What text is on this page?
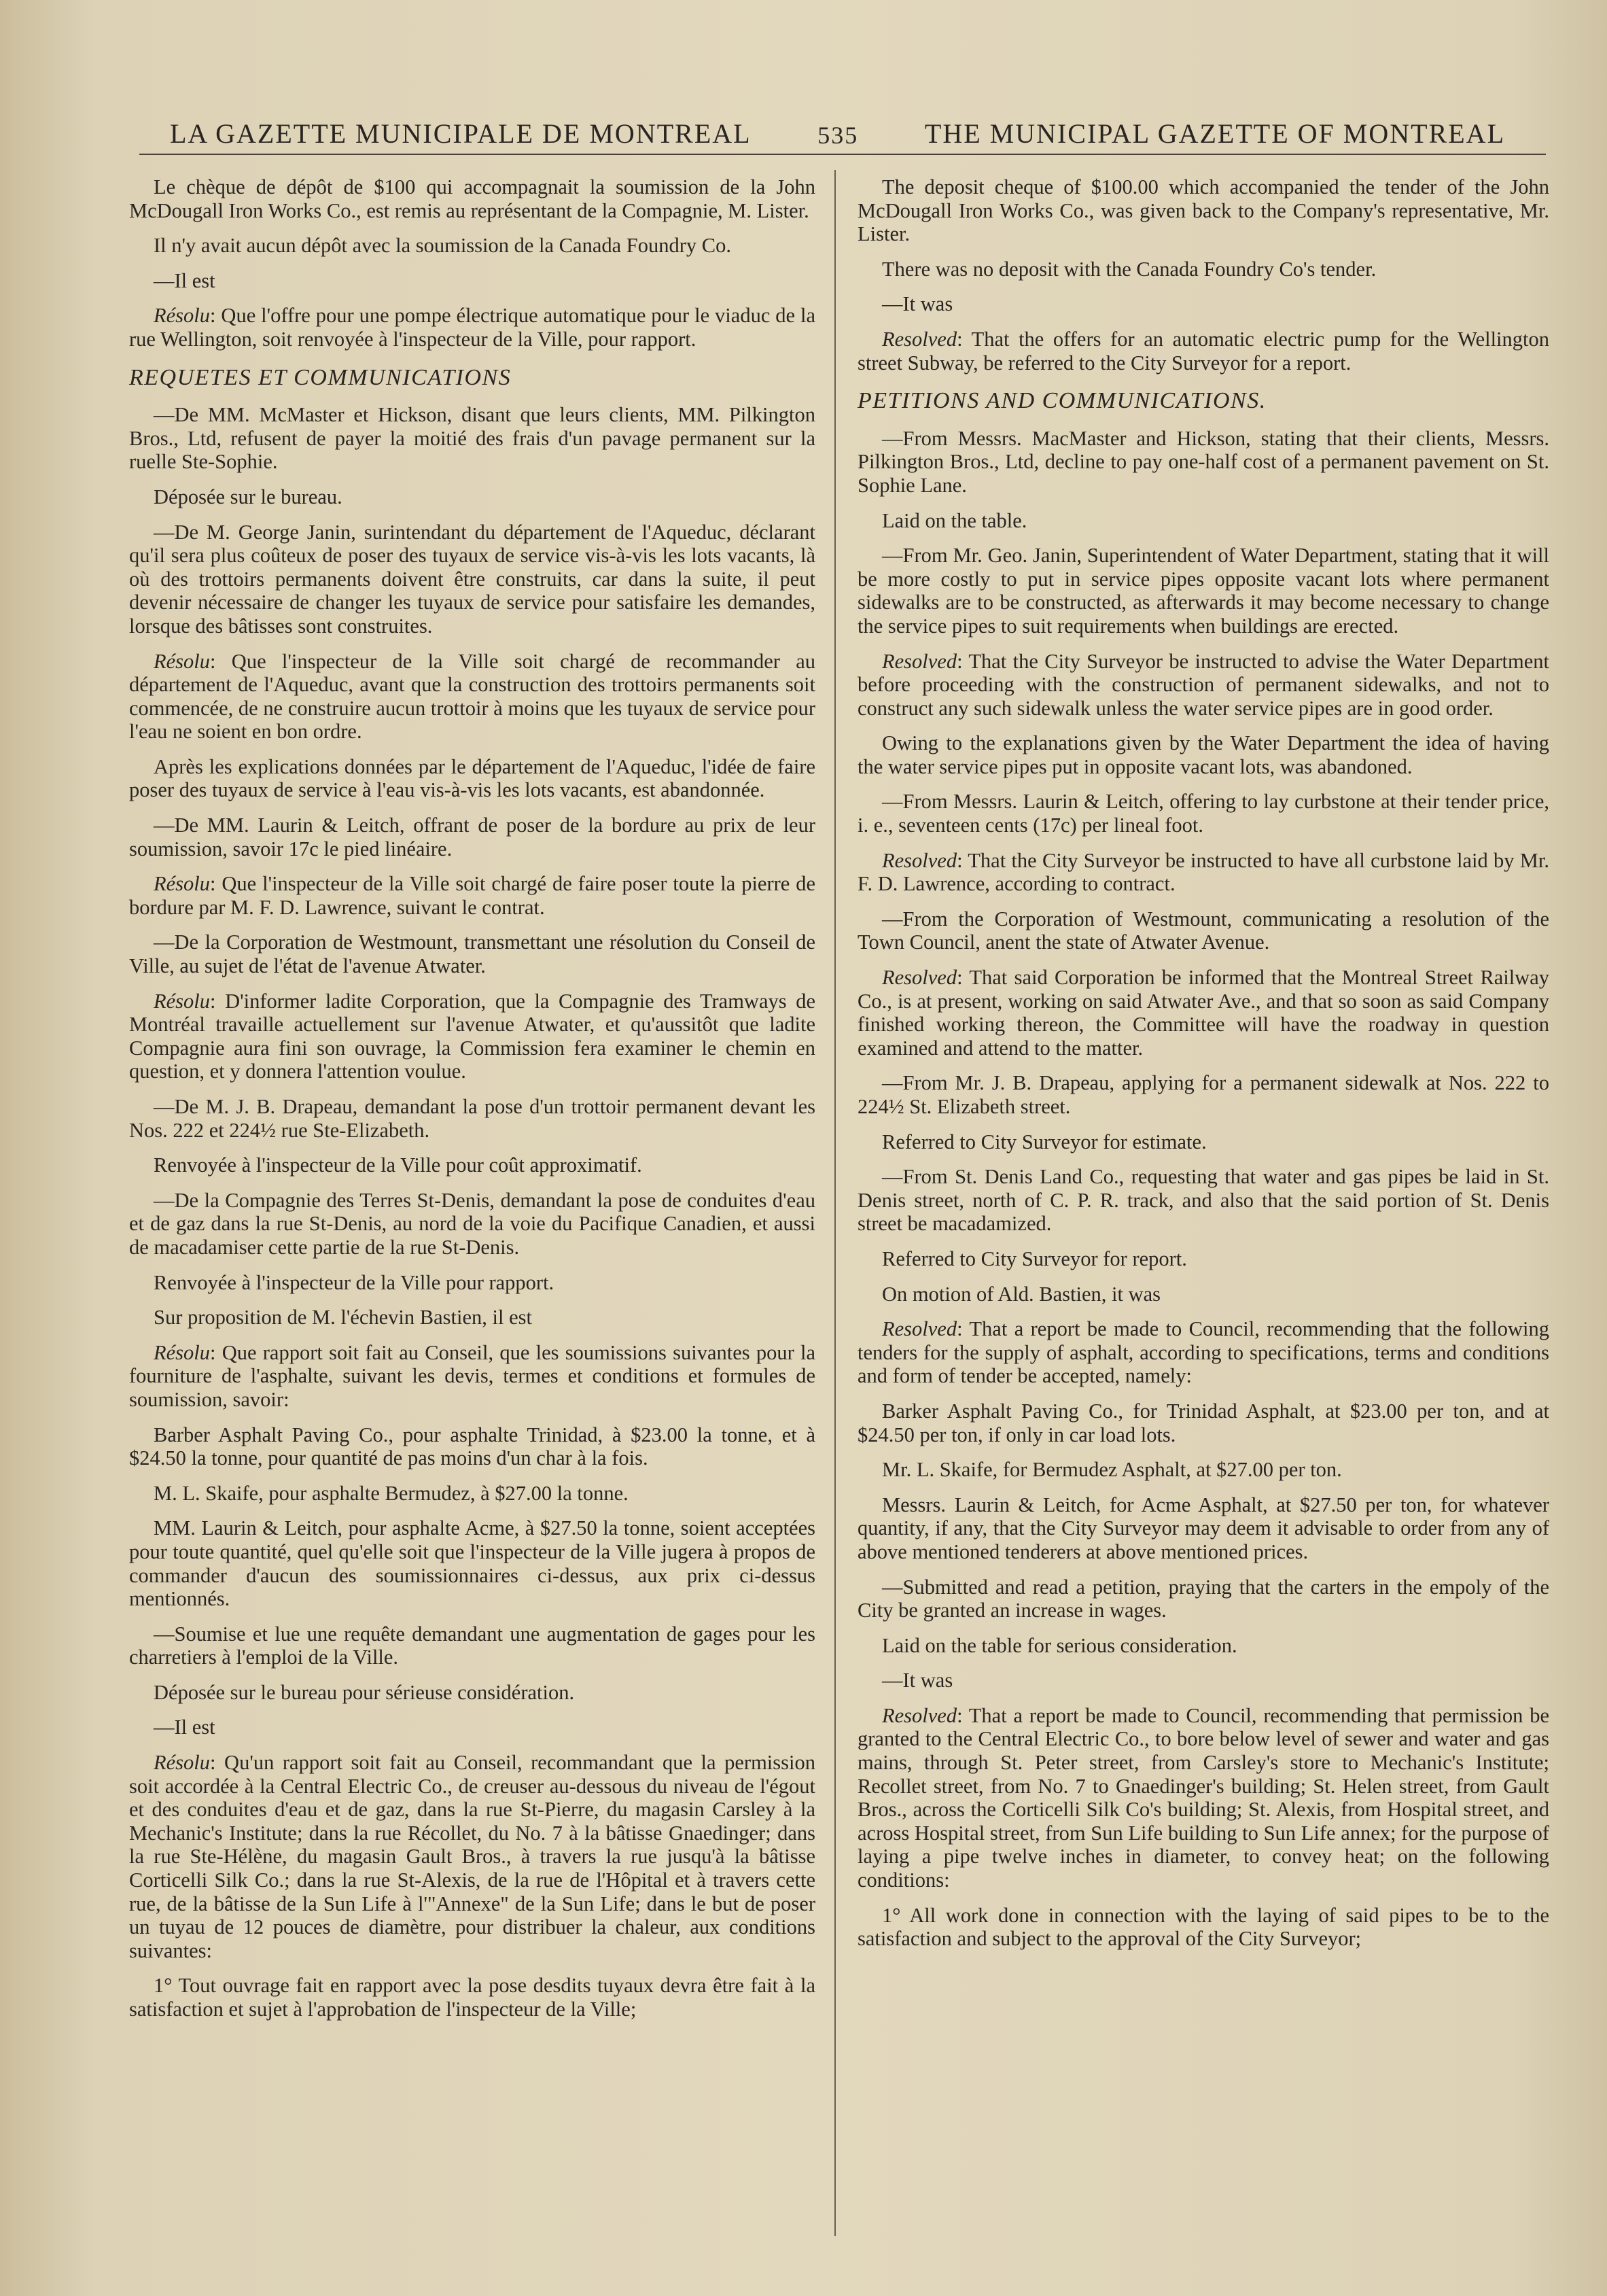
LA GAZETTE MUNICIPALE DE MONTREAL	535 THE MUNICIPAL GAZETTE OF MONTREAL

Le chèque de dépôt de $100 qui accompagnait la soumission de la John McDougall Iron Works Co., est remis au représentant de la Compagnie, M. Lister.

Il n'y avait aucun dépôt avec la soumission de la Canada Foundry Co.

—Il est

Résolu: Que l'offre pour une pompe électrique automatique pour le viaduc de la rue Wellington, soit renvoyée à l'inspecteur de la Ville, pour rapport.

REQUETES ET COMMUNICATIONS

—De MM. McMaster et Hickson, disant que leurs clients, MM. Pilkington Bros., Ltd, refusent de payer la moitié des frais d'un pavage permanent sur la ruelle Ste-Sophie.

Déposée sur le bureau.

—De M. George Janin, surintendant du département de l'Aqueduc, déclarant qu'il sera plus coûteux de poser des tuyaux de service vis-à-vis les lots vacants, là où des trottoirs permanents doivent être construits, car dans la suite, il peut devenir nécessaire de changer les tuyaux de service pour satisfaire les demandes, lorsque des bâtisses sont construites.

Résolu: Que l'inspecteur de la Ville soit chargé de recommander au département de l'Aqueduc, avant que la construction des trottoirs permanents soit commencée, de ne construire aucun trottoir à moins que les tuyaux de service pour l'eau ne soient en bon ordre.

Après les explications données par le département de l'Aqueduc, l'idée de faire poser des tuyaux de service à l'eau vis-à-vis les lots vacants, est abandonnée.

—De MM. Laurin & Leitch, offrant de poser de la bordure au prix de leur soumission, savoir 17c le pied linéaire.

Résolu: Que l'inspecteur de la Ville soit chargé de faire poser toute la pierre de bordure par M. F. D. Lawrence, suivant le contrat.

—De la Corporation de Westmount, transmettant une résolution du Conseil de Ville, au sujet de l'état de l'avenue Atwater.

Résolu: D'informer ladite Corporation, que la Compagnie des Tramways de Montréal travaille actuellement sur l'avenue Atwater, et qu'aussitôt que ladite Compagnie aura fini son ouvrage, la Commission fera examiner le chemin en question, et y donnera l'attention voulue.

—De M. J. B. Drapeau, demandant la pose d'un trottoir permanent devant les Nos. 222 et 224½ rue Ste-Elizabeth.

Renvoyée à l'inspecteur de la Ville pour coût approximatif.

—De la Compagnie des Terres St-Denis, demandant la pose de conduites d'eau et de gaz dans la rue St-Denis, au nord de la voie du Pacifique Canadien, et aussi de macadamiser cette partie de la rue St-Denis.

Renvoyée à l'inspecteur de la Ville pour rapport.

Sur proposition de M. l'échevin Bastien, il est

Résolu: Que rapport soit fait au Conseil, que les soumissions suivantes pour la fourniture de l'asphalte, suivant les devis, termes et conditions et formules de soumission, savoir:

Barber Asphalt Paving Co., pour asphalte Trinidad, à $23.00 la tonne, et à $24.50 la tonne, pour quantité de pas moins d'un char à la fois.

M. L. Skaife, pour asphalte Bermudez, à $27.00 la tonne.

MM. Laurin & Leitch, pour asphalte Acme, à $27.50 la tonne, soient acceptées pour toute quantité, quel qu'elle soit que l'inspecteur de la Ville jugera à propos de commander d'aucun des soumissionnaires ci-dessus, aux prix ci-dessus mentionnés.

—Soumise et lue une requête demandant une augmentation de gages pour les charretiers à l'emploi de la Ville.

Déposée sur le bureau pour sérieuse considération.

—Il est

Résolu: Qu'un rapport soit fait au Conseil, recommandant que la permission soit accordée à la Central Electric Co., de creuser au-dessous du niveau de l'égout et des conduites d'eau et de gaz, dans la rue St-Pierre, du magasin Carsley à la Mechanic's Institute; dans la rue Récollet, du No. 7 à la bâtisse Gnaedinger; dans la rue Ste-Hélène, du magasin Gault Bros., à travers la rue jusqu'à la bâtisse Corticelli Silk Co.; dans la rue St-Alexis, de la rue de l'Hôpital et à travers cette rue, de la bâtisse de la Sun Life à l'"Annexe" de la Sun Life; dans le but de poser un tuyau de 12 pouces de diamètre, pour distribuer la chaleur, aux conditions suivantes:

1° Tout ouvrage fait en rapport avec la pose desdits tuyaux devra être fait à la satisfaction et sujet à l'approbation de l'inspecteur de la Ville;

The deposit cheque of $100.00 which accompanied the tender of the John McDougall Iron Works Co., was given back to the Company's representative, Mr. Lister.

There was no deposit with the Canada Foundry Co's tender.

—It was

Resolved: That the offers for an automatic electric pump for the Wellington street Subway, be referred to the City Surveyor for a report.

PETITIONS AND COMMUNICATIONS.

—From Messrs. MacMaster and Hickson, stating that their clients, Messrs. Pilkington Bros., Ltd, decline to pay one-half cost of a permanent pavement on St. Sophie Lane.

Laid on the table.

—From Mr. Geo. Janin, Superintendent of Water Department, stating that it will be more costly to put in service pipes opposite vacant lots where permanent sidewalks are to be constructed, as afterwards it may become necessary to change the service pipes to suit requirements when buildings are erected.

Resolved: That the City Surveyor be instructed to advise the Water Department before proceeding with the construction of permanent sidewalks, and not to construct any such sidewalk unless the water service pipes are in good order.

Owing to the explanations given by the Water Department the idea of having the water service pipes put in opposite vacant lots, was abandoned.

—From Messrs. Laurin & Leitch, offering to lay curbstone at their tender price, i. e., seventeen cents (17c) per lineal foot.

Resolved: That the City Surveyor be instructed to have all curbstone laid by Mr. F. D. Lawrence, according to contract.

—From the Corporation of Westmount, communicating a resolution of the Town Council, anent the state of Atwater Avenue.

Resolved: That said Corporation be informed that the Montreal Street Railway Co., is at present, working on said Atwater Ave., and that so soon as said Company finished working thereon, the Committee will have the roadway in question examined and attend to the matter.

—From Mr. J. B. Drapeau, applying for a permanent sidewalk at Nos. 222 to 224½ St. Elizabeth street.

Referred to City Surveyor for estimate.

—From St. Denis Land Co., requesting that water and gas pipes be laid in St. Denis street, north of C. P. R. track, and also that the said portion of St. Denis street be macadamized.

Referred to City Surveyor for report.

On motion of Ald. Bastien, it was

Resolved: That a report be made to Council, recommending that the following tenders for the supply of asphalt, according to specifications, terms and conditions and form of tender be accepted, namely:

Barker Asphalt Paving Co., for Trinidad Asphalt, at $23.00 per ton, and at $24.50 per ton, if only in car load lots.

Mr. L. Skaife, for Bermudez Asphalt, at $27.00 per ton.

Messrs. Laurin & Leitch, for Acme Asphalt, at $27.50 per ton, for whatever quantity, if any, that the City Surveyor may deem it advisable to order from any of above mentioned tenderers at above mentioned prices.

—Submitted and read a petition, praying that the carters in the empoly of the City be granted an increase in wages.

Laid on the table for serious consideration.

—It was

Resolved: That a report be made to Council, recommending that permission be granted to the Central Electric Co., to bore below level of sewer and water and gas mains, through St. Peter street, from Carsley's store to Mechanic's Institute; Recollet street, from No. 7 to Gnaedinger's building; St. Helen street, from Gault Bros., across the Corticelli Silk Co's building; St. Alexis, from Hospital street, and across Hospital street, from Sun Life building to Sun Life annex; for the purpose of laying a pipe twelve inches in diameter, to convey heat; on the following conditions:

1° All work done in connection with the laying of said pipes to be to the satisfaction and subject to the approval of the City Surveyor;
